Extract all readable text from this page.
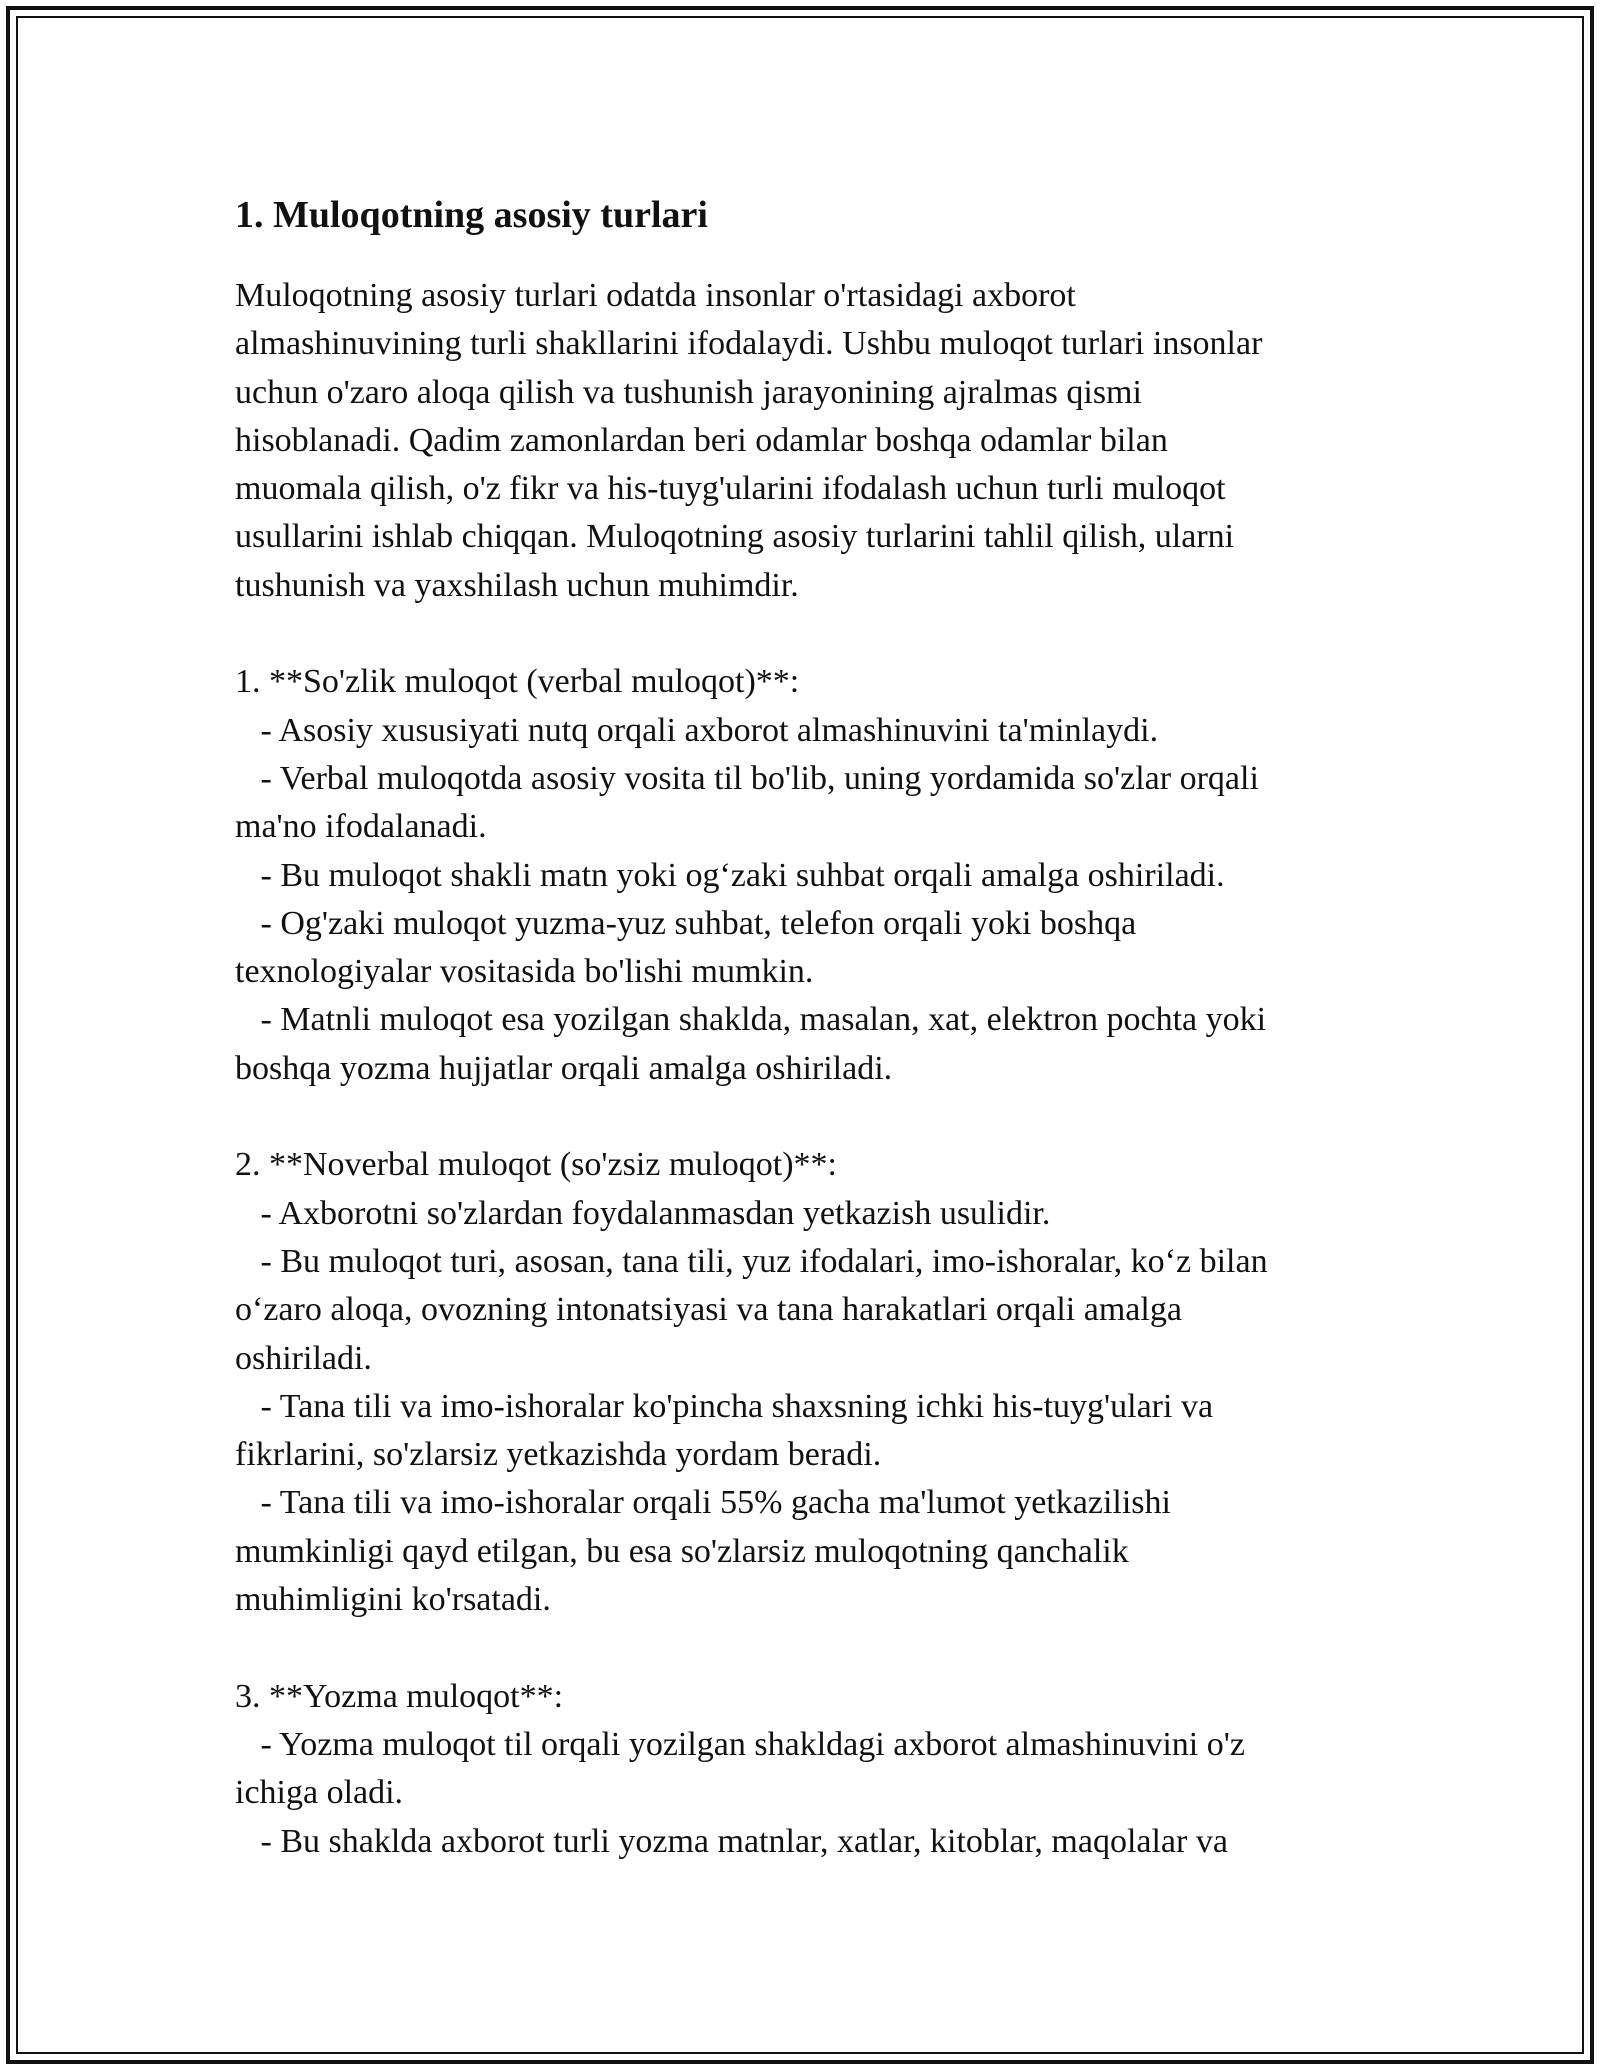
1. Muloqotning asosiy turlari
Muloqotning asosiy turlari odatda insonlar o'rtasidagi axborot
almashinuvining turli shakllarini ifodalaydi. Ushbu muloqot turlari insonlar
uchun o'zaro aloqa qilish va tushunish jarayonining ajralmas qismi
hisoblanadi. Qadim zamonlardan beri odamlar boshqa odamlar bilan
muomala qilish, o'z fikr va his-tuyg'ularini ifodalash uchun turli muloqot
usullarini ishlab chiqqan. Muloqotning asosiy turlarini tahlil qilish, ularni
tushunish va yaxshilash uchun muhimdir.
1. **So'zlik muloqot (verbal muloqot)**:
- Asosiy xususiyati nutq orqali axborot almashinuvini ta'minlaydi.
- Verbal muloqotda asosiy vosita til bo'lib, uning yordamida so'zlar orqali
ma'no ifodalanadi.
- Bu muloqot shakli matn yoki og‘zaki suhbat orqali amalga oshiriladi.
- Og'zaki muloqot yuzma-yuz suhbat, telefon orqali yoki boshqa
texnologiyalar vositasida bo'lishi mumkin.
- Matnli muloqot esa yozilgan shaklda, masalan, xat, elektron pochta yoki
boshqa yozma hujjatlar orqali amalga oshiriladi.
2. **Noverbal muloqot (so'zsiz muloqot)**:
- Axborotni so'zlardan foydalanmasdan yetkazish usulidir.
- Bu muloqot turi, asosan, tana tili, yuz ifodalari, imo-ishoralar, ko‘z bilan
o‘zaro aloqa, ovozning intonatsiyasi va tana harakatlari orqali amalga
oshiriladi.
- Tana tili va imo-ishoralar ko'pincha shaxsning ichki his-tuyg'ulari va
fikrlarini, so'zlarsiz yetkazishda yordam beradi.
- Tana tili va imo-ishoralar orqali 55% gacha ma'lumot yetkazilishi
mumkinligi qayd etilgan, bu esa so'zlarsiz muloqotning qanchalik
muhimligini ko'rsatadi.
3. **Yozma muloqot**:
- Yozma muloqot til orqali yozilgan shakldagi axborot almashinuvini o'z
ichiga oladi.
- Bu shaklda axborot turli yozma matnlar, xatlar, kitoblar, maqolalar va
